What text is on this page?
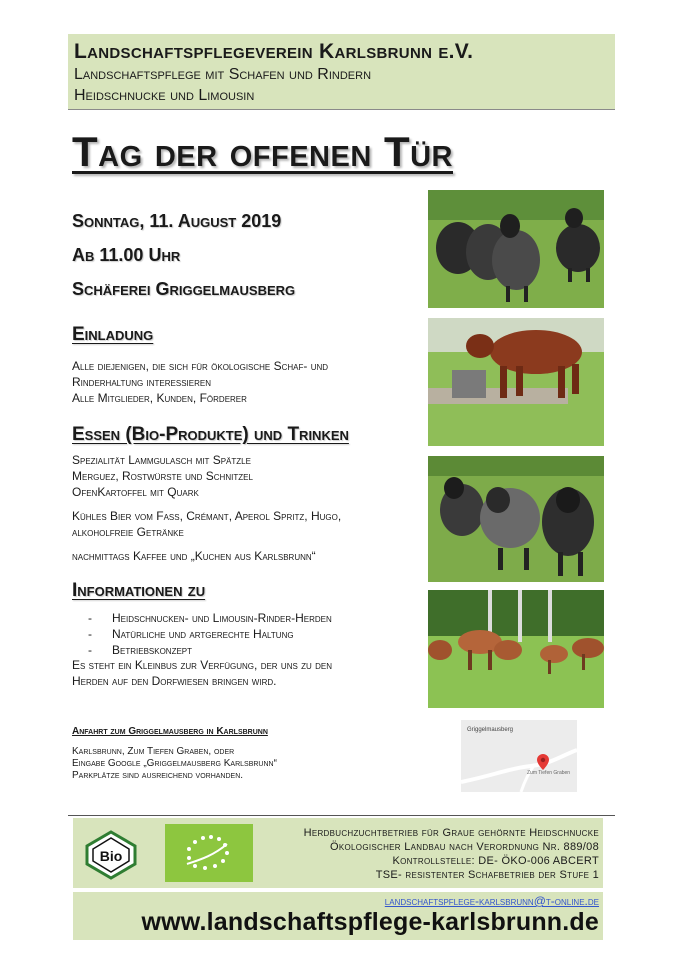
Landschaftspflegeverein Karlsbrunn e.V.
Landschaftspflege mit Schafen und Rindern
Heidschnucke und Limousin
Tag der offenen Tür
Sonntag, 11. August 2019
Ab 11.00 Uhr
Schäferei Griggelmausberg
Einladung
Alle diejenigen, die sich für ökologische Schaf- und
Rinderhaltung interessieren
Alle Mitglieder, Kunden, Förderer
Essen (Bio-Produkte) und Trinken
Spezialität Lammgulasch mit Spätzle
Merguez, Rostwürste und Schnitzel
OfenKartoffel mit Quark
Kühles Bier vom Fass, Crémant, Aperol Spritz, Hugo,
alkoholfreie Getränke
nachmittags Kaffee und „Kuchen aus Karlsbrunn“
Informationen zu
- Heidschnucken- und Limousin-Rinder-Herden
- Natürliche und artgerechte Haltung
- Betriebskonzept
Es steht ein Kleinbus zur Verfügung, der uns zu den
Herden auf den Dorfwiesen bringen wird.
Anfahrt zum Griggelmausberg in Karlsbrunn
Karlsbrunn, Zum Tiefen Graben, oder
Eingabe Google „Griggelmausberg Karlsbrunn“
Parkplätze sind ausreichend vorhanden.
Griggelmausberg
Zum Tiefen Graben
Bio
Herdbuchzuchtbetrieb für Graue gehörnte Heidschnucke
Ökologischer Landbau nach Verordnung Nr. 889/08
Kontrollstelle: DE- ÖKO-006 ABCERT
TSE- resistenter Schafbetrieb der Stufe 1
landschaftspflege-karlsbrunn@t-online.de
www.landschaftspflege-karlsbrunn.de
